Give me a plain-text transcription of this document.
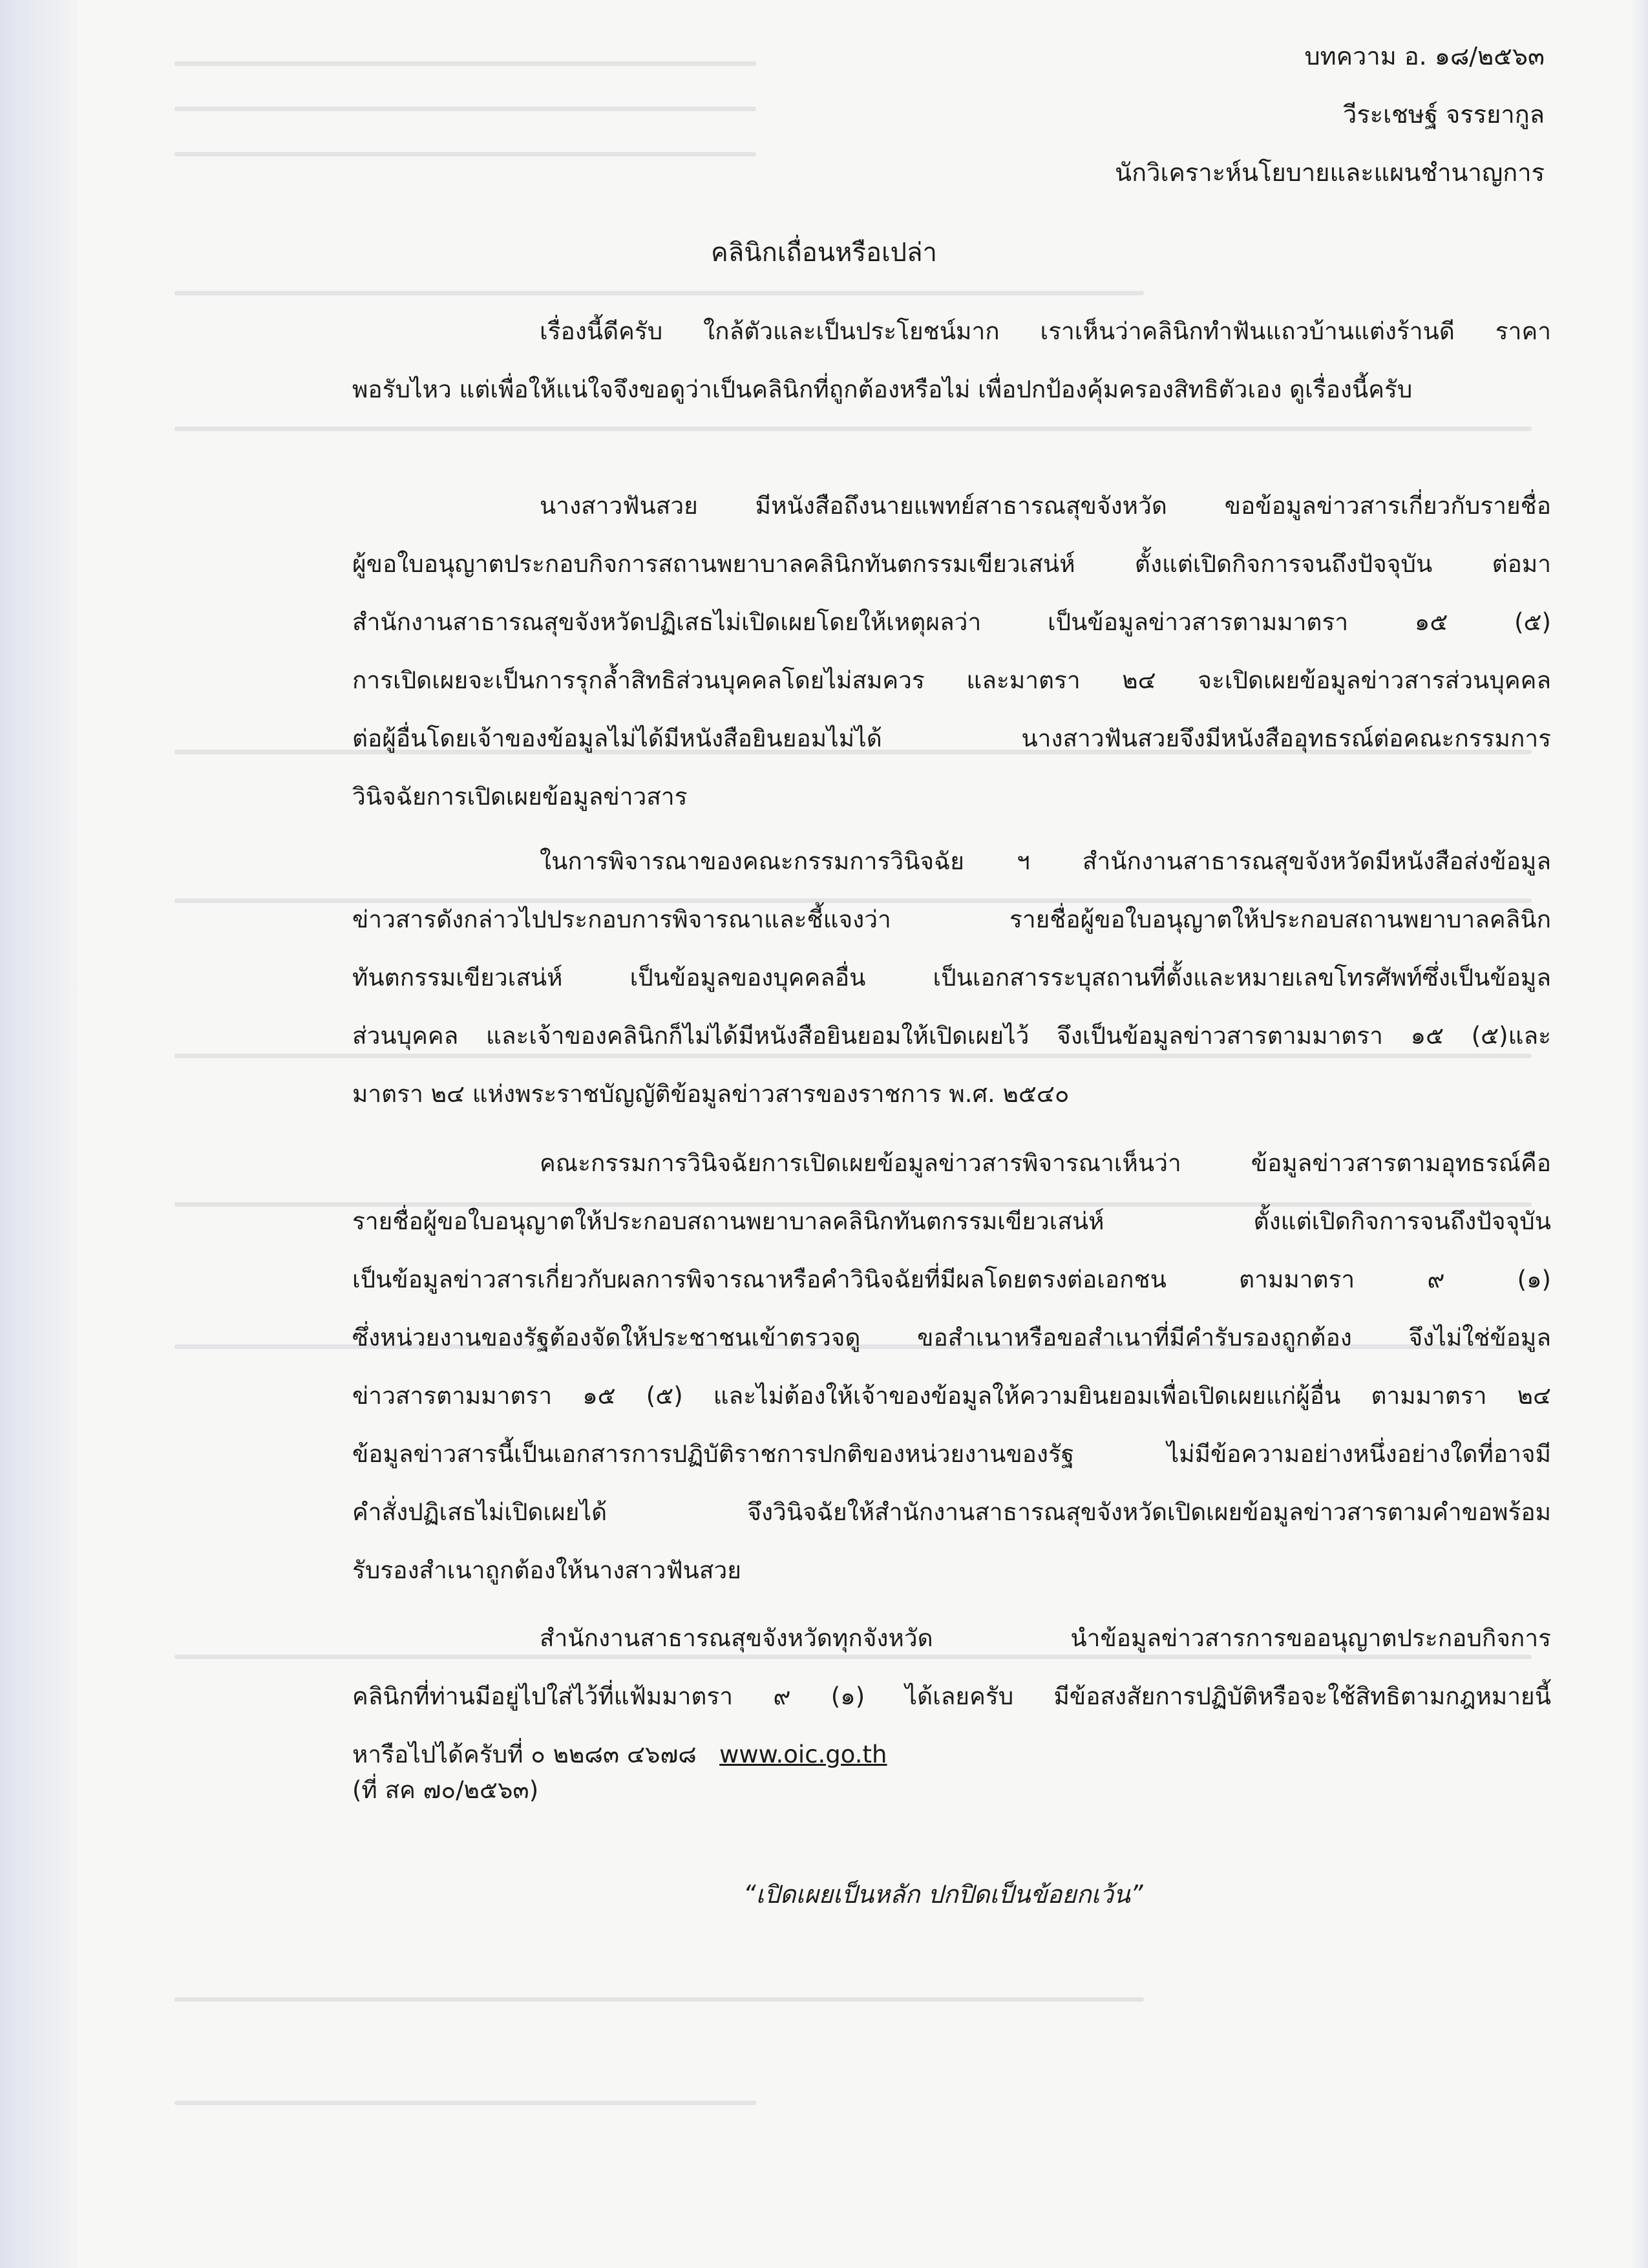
บทความ อ. ๑๘/๒๕๖๓
วีระเชษฐ์ จรรยากูล
นักวิเคราะห์นโยบายและแผนชำนาญการ
คลินิกเถื่อนหรือเปล่า
เรื่องนี้ดีครับ ใกล้ตัวและเป็นประโยชน์มาก เราเห็นว่าคลินิกทำฟันแถวบ้านแต่งร้านดี ราคา
พอรับไหว แต่เพื่อให้แน่ใจจึงขอดูว่าเป็นคลินิกที่ถูกต้องหรือไม่ เพื่อปกป้องคุ้มครองสิทธิตัวเอง ดูเรื่องนี้ครับ
นางสาวฟันสวย มีหนังสือถึงนายแพทย์สาธารณสุขจังหวัด ขอข้อมูลข่าวสารเกี่ยวกับรายชื่อ
ผู้ขอใบอนุญาตประกอบกิจการสถานพยาบาลคลินิกทันตกรรมเขียวเสน่ห์ ตั้งแต่เปิดกิจการจนถึงปัจจุบัน ต่อมา
สำนักงานสาธารณสุขจังหวัดปฏิเสธไม่เปิดเผยโดยให้เหตุผลว่า เป็นข้อมูลข่าวสารตามมาตรา ๑๕ (๕)
การเปิดเผยจะเป็นการรุกล้ำสิทธิส่วนบุคคลโดยไม่สมควร และมาตรา ๒๔ จะเปิดเผยข้อมูลข่าวสารส่วนบุคคล
ต่อผู้อื่นโดยเจ้าของข้อมูลไม่ได้มีหนังสือยินยอมไม่ได้ นางสาวฟันสวยจึงมีหนังสืออุทธรณ์ต่อคณะกรรมการ
วินิจฉัยการเปิดเผยข้อมูลข่าวสาร
ในการพิจารณาของคณะกรรมการวินิจฉัย ฯ สำนักงานสาธารณสุขจังหวัดมีหนังสือส่งข้อมูล
ข่าวสารดังกล่าวไปประกอบการพิจารณาและชี้แจงว่า รายชื่อผู้ขอใบอนุญาตให้ประกอบสถานพยาบาลคลินิก
ทันตกรรมเขียวเสน่ห์ เป็นข้อมูลของบุคคลอื่น เป็นเอกสารระบุสถานที่ตั้งและหมายเลขโทรศัพท์ซึ่งเป็นข้อมูล
ส่วนบุคคล และเจ้าของคลินิกก็ไม่ได้มีหนังสือยินยอมให้เปิดเผยไว้ จึงเป็นข้อมูลข่าวสารตามมาตรา ๑๕ (๕)และ
มาตรา ๒๔ แห่งพระราชบัญญัติข้อมูลข่าวสารของราชการ พ.ศ. ๒๕๔๐
คณะกรรมการวินิจฉัยการเปิดเผยข้อมูลข่าวสารพิจารณาเห็นว่า ข้อมูลข่าวสารตามอุทธรณ์คือ
รายชื่อผู้ขอใบอนุญาตให้ประกอบสถานพยาบาลคลินิกทันตกรรมเขียวเสน่ห์ ตั้งแต่เปิดกิจการจนถึงปัจจุบัน
เป็นข้อมูลข่าวสารเกี่ยวกับผลการพิจารณาหรือคำวินิจฉัยที่มีผลโดยตรงต่อเอกชน ตามมาตรา ๙ (๑)
ซึ่งหน่วยงานของรัฐต้องจัดให้ประชาชนเข้าตรวจดู ขอสำเนาหรือขอสำเนาที่มีคำรับรองถูกต้อง จึงไม่ใช่ข้อมูล
ข่าวสารตามมาตรา ๑๕ (๕) และไม่ต้องให้เจ้าของข้อมูลให้ความยินยอมเพื่อเปิดเผยแก่ผู้อื่น ตามมาตรา ๒๔
ข้อมูลข่าวสารนี้เป็นเอกสารการปฏิบัติราชการปกติของหน่วยงานของรัฐ ไม่มีข้อความอย่างหนึ่งอย่างใดที่อาจมี
คำสั่งปฏิเสธไม่เปิดเผยได้ จึงวินิจฉัยให้สำนักงานสาธารณสุขจังหวัดเปิดเผยข้อมูลข่าวสารตามคำขอพร้อม
รับรองสำเนาถูกต้องให้นางสาวฟันสวย
สำนักงานสาธารณสุขจังหวัดทุกจังหวัด นำข้อมูลข่าวสารการขออนุญาตประกอบกิจการ
คลินิกที่ท่านมีอยู่ไปใส่ไว้ที่แฟ้มมาตรา ๙ (๑) ได้เลยครับ มีข้อสงสัยการปฏิบัติหรือจะใช้สิทธิตามกฎหมายนี้
หารือไปได้ครับที่ ๐ ๒๒๘๓ ๔๖๗๘ www.oic.go.th
(ที่ สค ๗๐/๒๕๖๓)
“เปิดเผยเป็นหลัก ปกปิดเป็นข้อยกเว้น”
